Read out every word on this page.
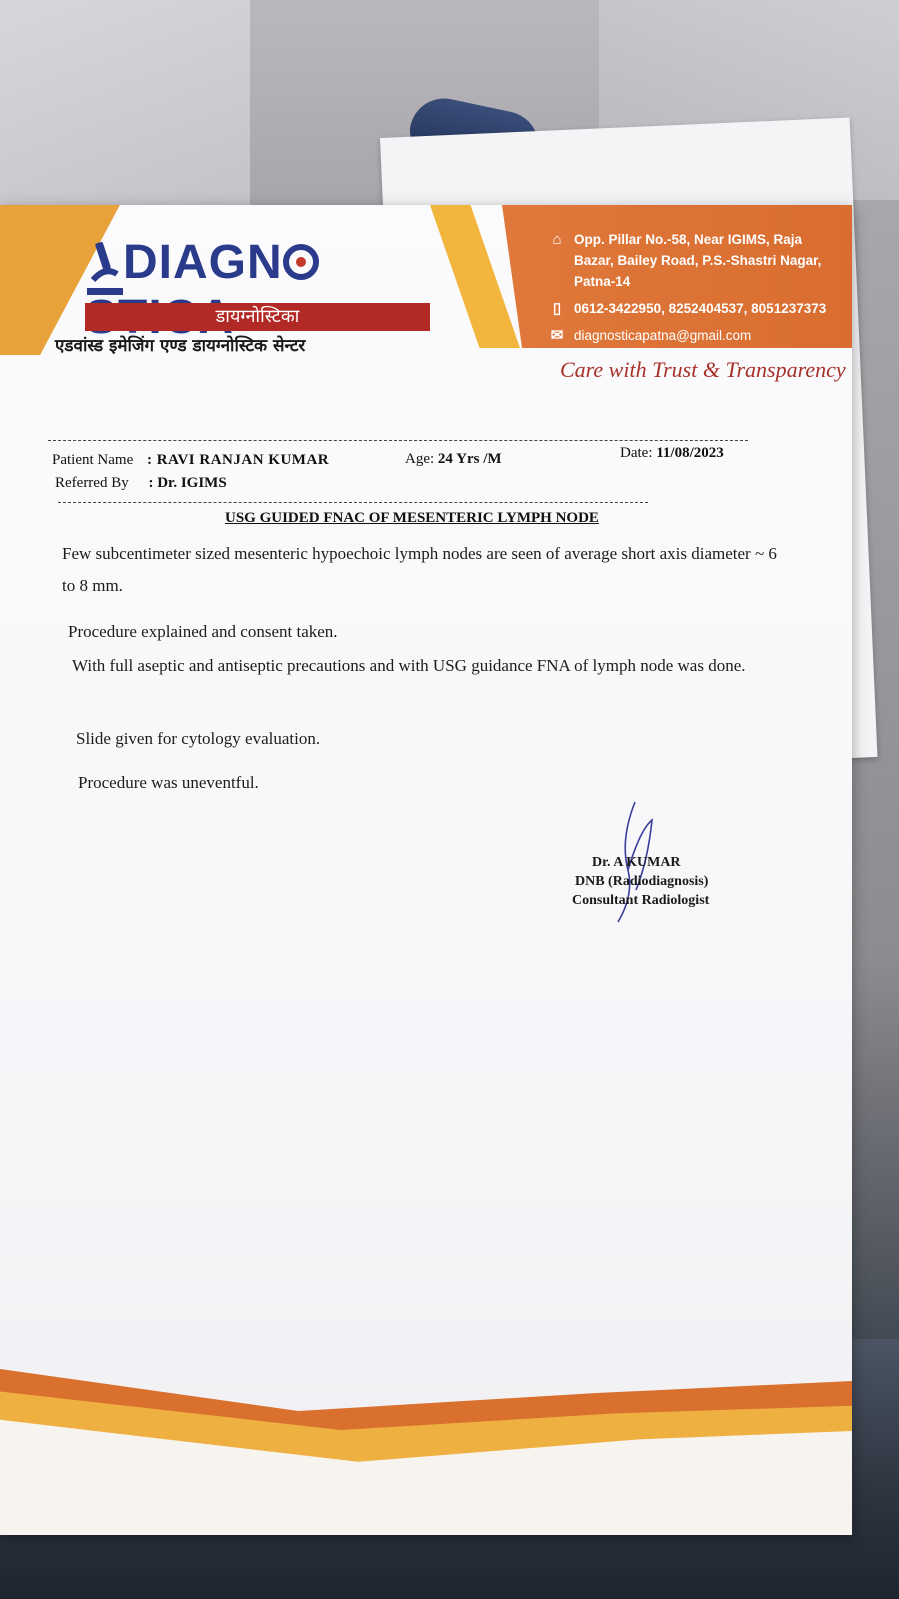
DIAGN
डायग्नोस्टिका
एडवांस्ड इमेजिंग एण्ड डायग्नोस्टिक सेन्टर
⌂ Opp. Pillar No.-58, Near IGIMS, Raja Bazar, Bailey Road, P.S.-Shastri Nagar, Patna-14
▯ 0612-3422950, 8252404537, 8051237373
✉ diagnosticapatna@gmail.com
Care with Trust & Transparency
Patient Name : RAVI RANJAN KUMAR	Age: 24 Yrs /M	Date: 11/08/2023
Referred By : Dr. IGIMS
USG GUIDED FNAC OF MESENTERIC LYMPH NODE
Few subcentimeter sized mesenteric hypoechoic lymph nodes are seen of average short axis diameter ~ 6 to 8 mm.
Procedure explained and consent taken.
With full aseptic and antiseptic precautions and with USG guidance FNA of lymph node was done.
Slide given for cytology evaluation.
Procedure was uneventful.
Dr. A KUMAR
DNB (Radiodiagnosis)
Consultant Radiologist
